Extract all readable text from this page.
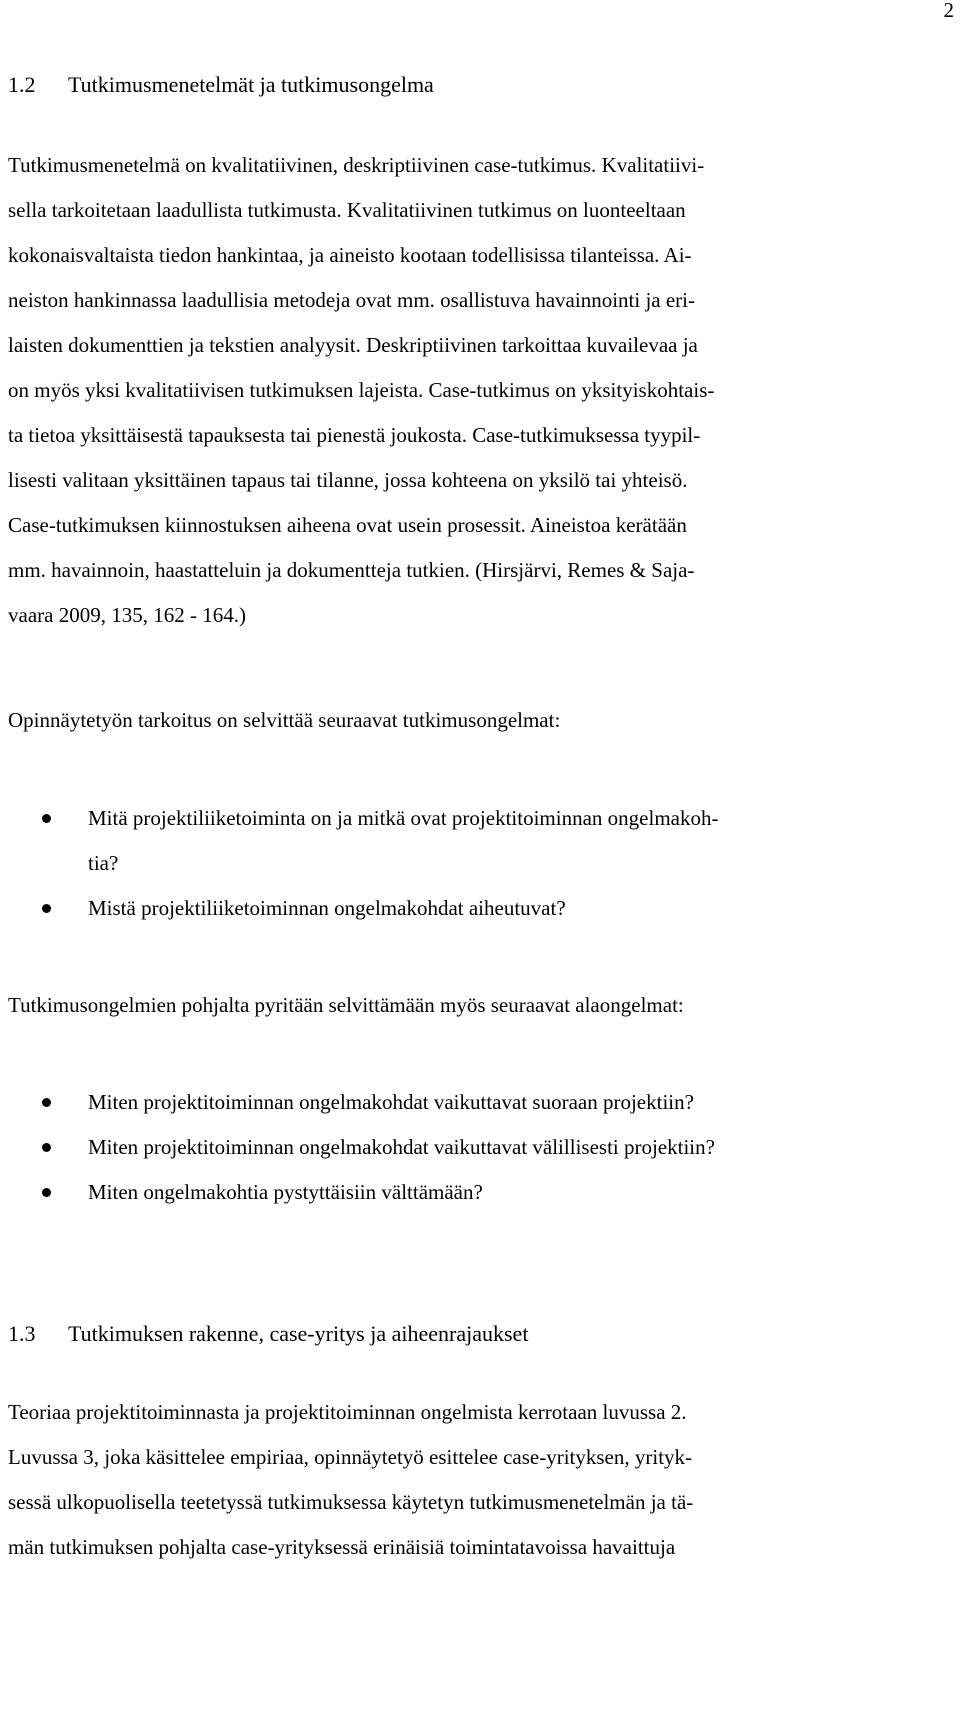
2
1.2 Tutkimusmenetelmät ja tutkimusongelma
Tutkimusmenetelmä on kvalitatiivinen, deskriptiivinen case-tutkimus. Kvalitatiivi-
sella tarkoitetaan laadullista tutkimusta. Kvalitatiivinen tutkimus on luonteeltaan
kokonaisvaltaista tiedon hankintaa, ja aineisto kootaan todellisissa tilanteissa. Ai-
neiston hankinnassa laadullisia metodeja ovat mm. osallistuva havainnointi ja eri-
laisten dokumenttien ja tekstien analyysit. Deskriptiivinen tarkoittaa kuvailevaa ja
on myös yksi kvalitatiivisen tutkimuksen lajeista. Case-tutkimus on yksityiskohtais-
ta tietoa yksittäisestä tapauksesta tai pienestä joukosta. Case-tutkimuksessa tyypil-
lisesti valitaan yksittäinen tapaus tai tilanne, jossa kohteena on yksilö tai yhteisö.
Case-tutkimuksen kiinnostuksen aiheena ovat usein prosessit. Aineistoa kerätään
mm. havainnoin, haastatteluin ja dokumentteja tutkien. (Hirsjärvi, Remes & Saja-
vaara 2009, 135, 162 - 164.)
Opinnäytetyön tarkoitus on selvittää seuraavat tutkimusongelmat:
Mitä projektiliiketoiminta on ja mitkä ovat projektitoiminnan ongelmakoh-
tia?
Mistä projektiliiketoiminnan ongelmakohdat aiheutuvat?
Tutkimusongelmien pohjalta pyritään selvittämään myös seuraavat alaongelmat:
Miten projektitoiminnan ongelmakohdat vaikuttavat suoraan projektiin?
Miten projektitoiminnan ongelmakohdat vaikuttavat välillisesti projektiin?
Miten ongelmakohtia pystyttäisiin välttämään?
1.3 Tutkimuksen rakenne, case-yritys ja aiheenrajaukset
Teoriaa projektitoiminnasta ja projektitoiminnan ongelmista kerrotaan luvussa 2.
Luvussa 3, joka käsittelee empiriaa, opinnäytetyö esittelee case-yrityksen, yrityk-
sessä ulkopuolisella teetetyssä tutkimuksessa käytetyn tutkimusmenetelmän ja tä-
män tutkimuksen pohjalta case-yrityksessä erinäisiä toimintatavoissa havaittuja
